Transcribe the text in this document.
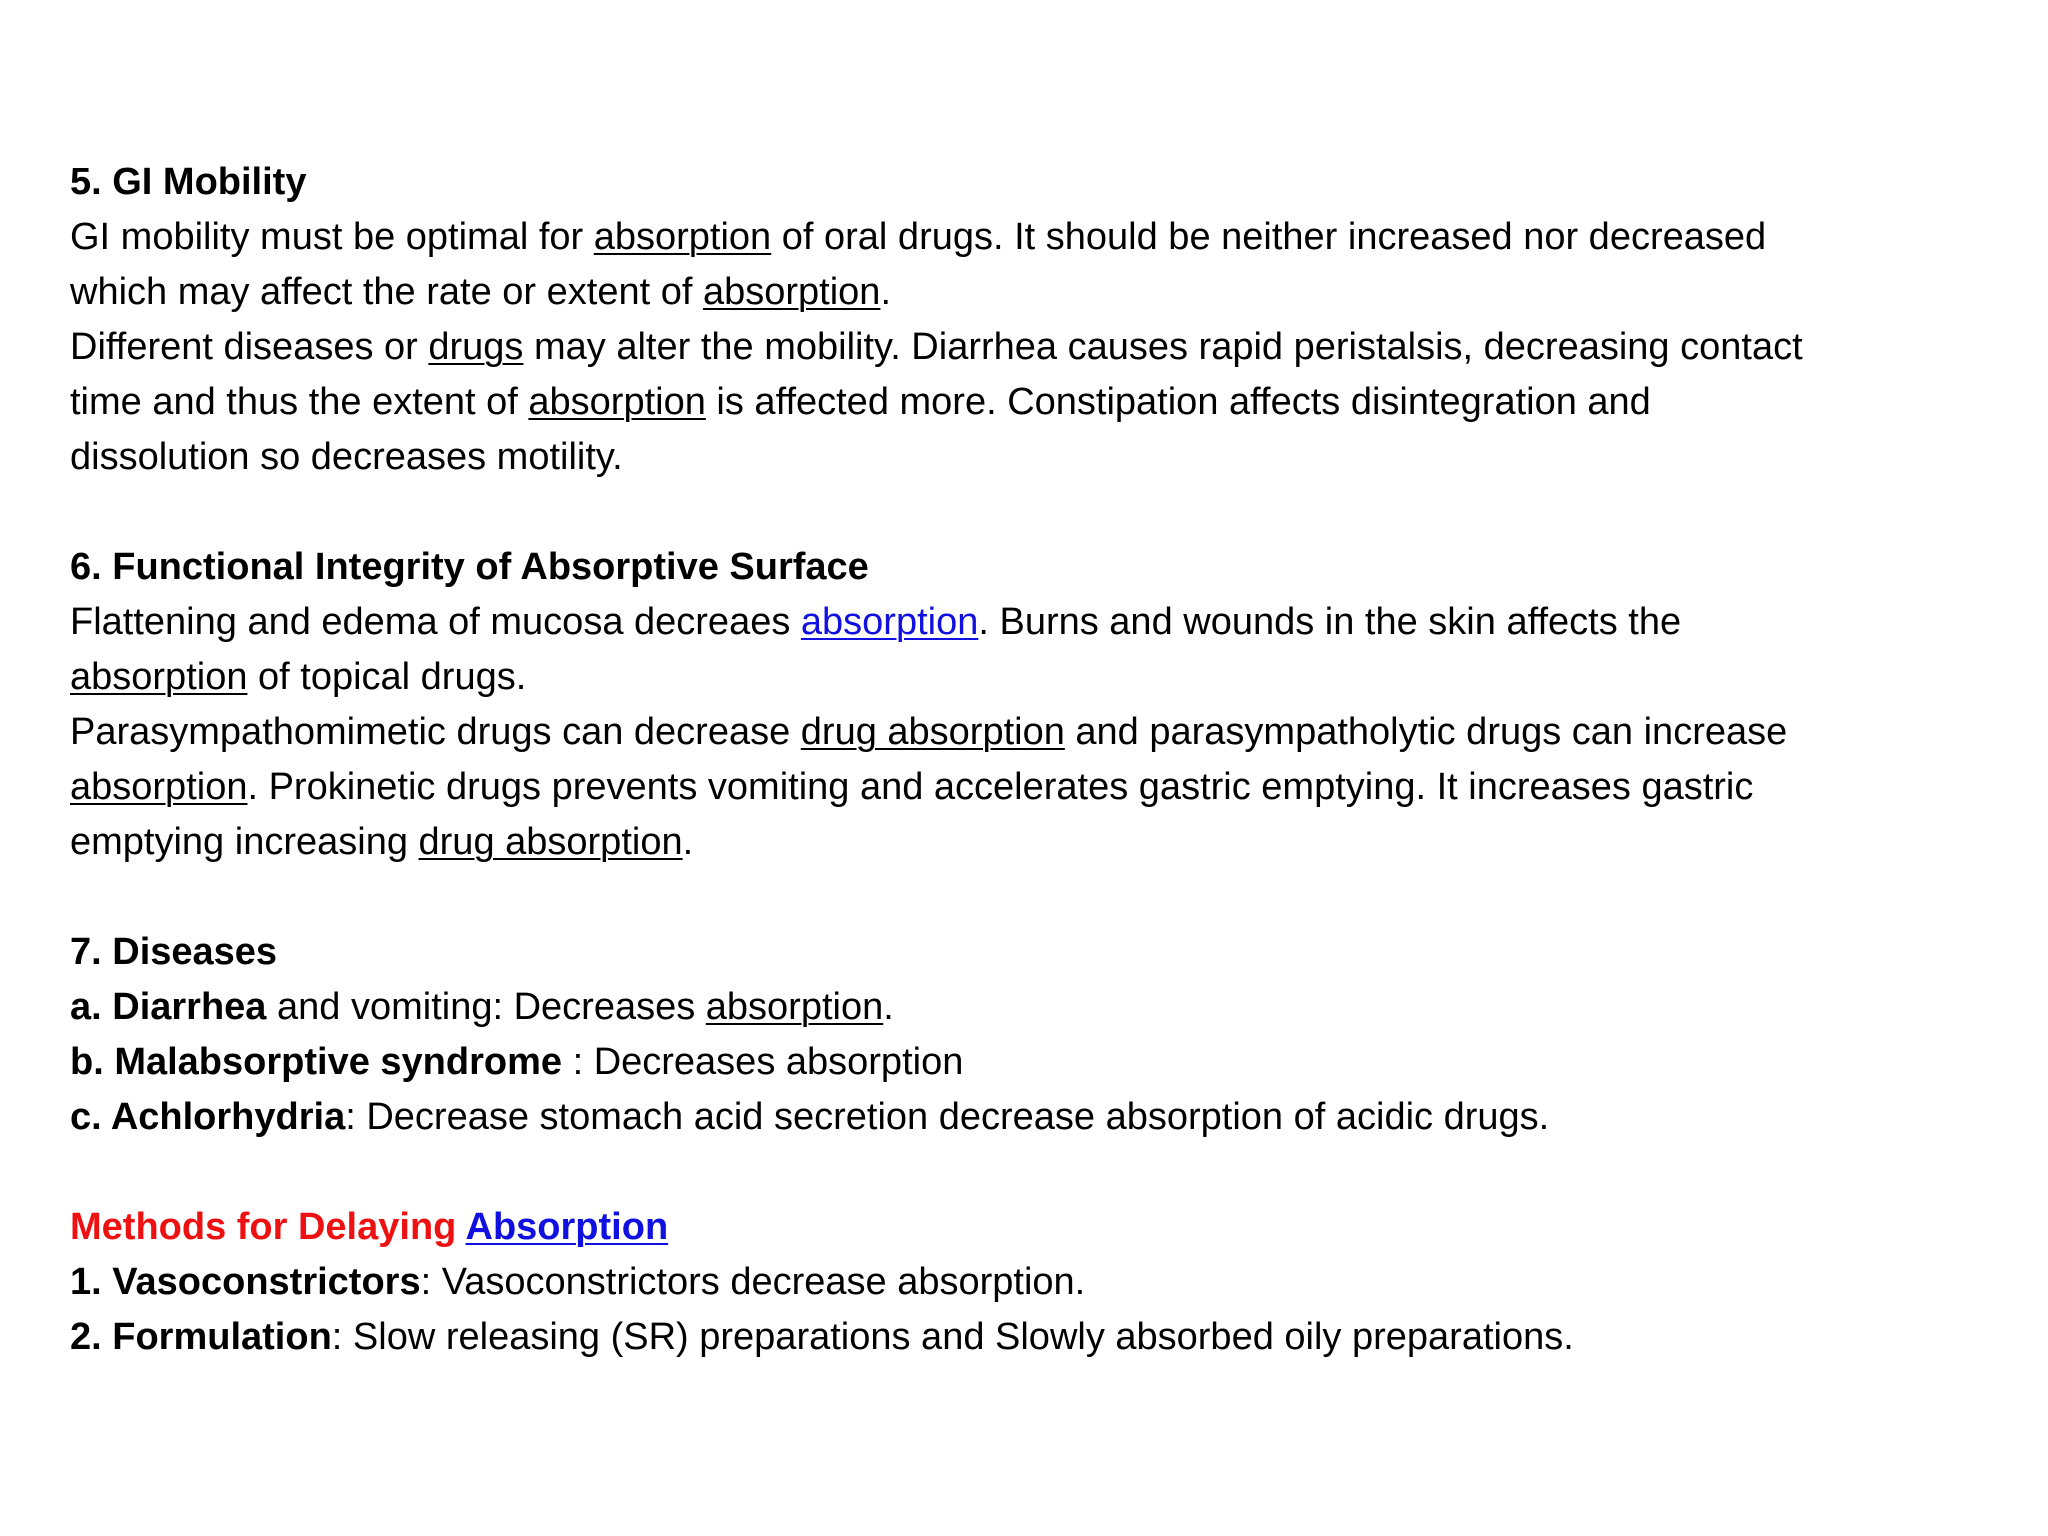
5. GI Mobility
GI mobility must be optimal for absorption of oral drugs. It should be neither increased nor decreased
which may affect the rate or extent of absorption.
Different diseases or drugs may alter the mobility. Diarrhea causes rapid peristalsis, decreasing contact
time and thus the extent of absorption is affected more. Constipation affects disintegration and
dissolution so decreases motility.
6. Functional Integrity of Absorptive Surface
Flattening and edema of mucosa decreaes absorption. Burns and wounds in the skin affects the
absorption of topical drugs.
Parasympathomimetic drugs can decrease drug absorption and parasympatholytic drugs can increase
absorption. Prokinetic drugs prevents vomiting and accelerates gastric emptying. It increases gastric
emptying increasing drug absorption.
7. Diseases
a. Diarrhea and vomiting: Decreases absorption.
b. Malabsorptive syndrome : Decreases absorption
c. Achlorhydria: Decrease stomach acid secretion decrease absorption of acidic drugs.
Methods for Delaying Absorption
1. Vasoconstrictors: Vasoconstrictors decrease absorption.
2. Formulation: Slow releasing (SR) preparations and Slowly absorbed oily preparations.
